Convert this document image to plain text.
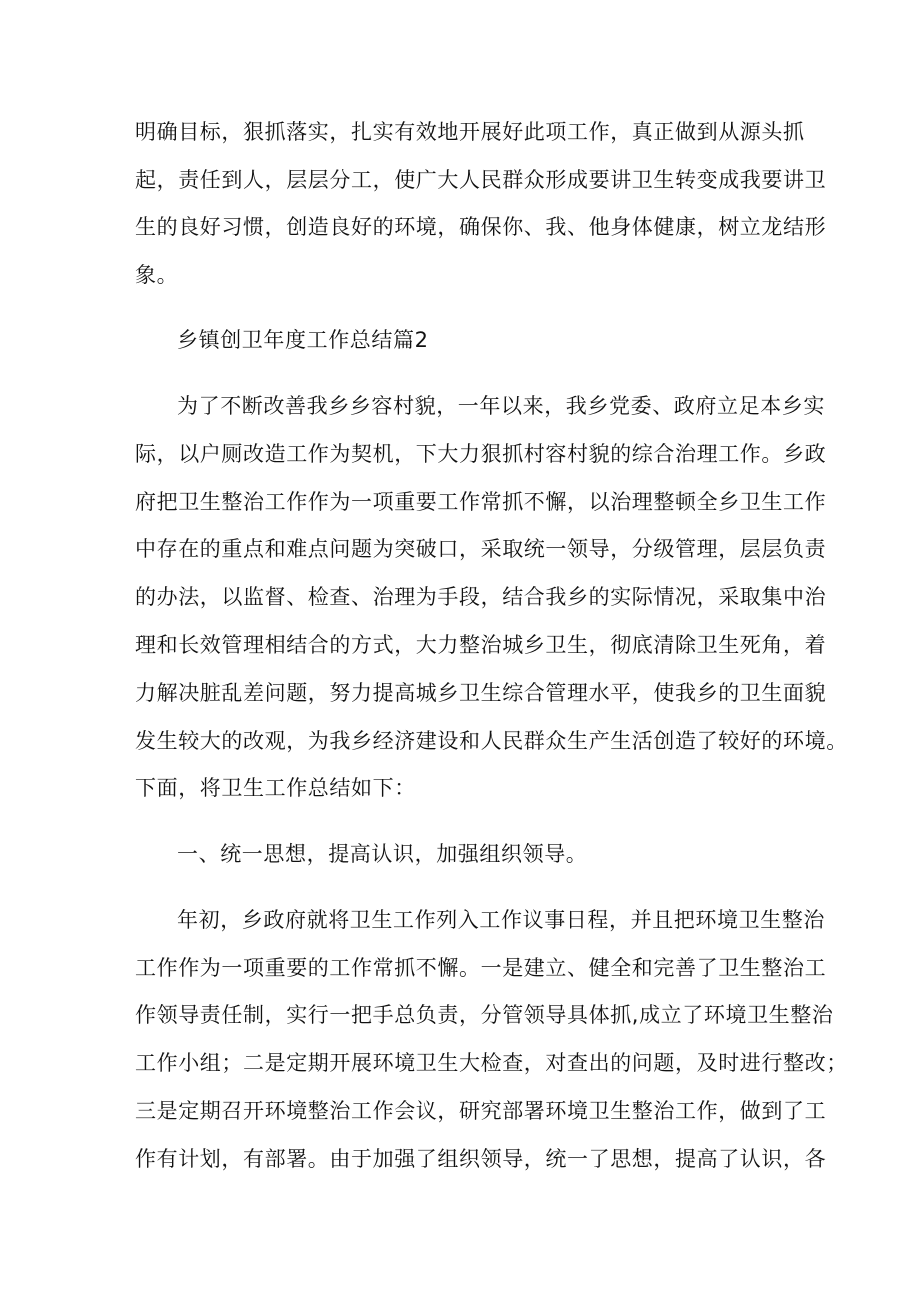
明确目标，狠抓落实，扎实有效地开展好此项工作，真正做到从源头抓
起，责任到人，层层分工，使广大人民群众形成要讲卫生转变成我要讲卫
生的良好习惯，创造良好的环境，确保你、我、他身体健康，树立龙结形
象。
乡镇创卫年度工作总结篇2
为了不断改善我乡乡容村貌，一年以来，我乡党委、政府立足本乡实
际，以户厕改造工作为契机，下大力狠抓村容村貌的综合治理工作。乡政
府把卫生整治工作作为一项重要工作常抓不懈，以治理整顿全乡卫生工作
中存在的重点和难点问题为突破口，采取统一领导，分级管理，层层负责
的办法，以监督、检查、治理为手段，结合我乡的实际情况，采取集中治
理和长效管理相结合的方式，大力整治城乡卫生，彻底清除卫生死角，着
力解决脏乱差问题，努力提高城乡卫生综合管理水平，使我乡的卫生面貌
发生较大的改观，为我乡经济建设和人民群众生产生活创造了较好的环境。
下面，将卫生工作总结如下：
一、统一思想，提高认识，加强组织领导。
年初，乡政府就将卫生工作列入工作议事日程，并且把环境卫生整治
工作作为一项重要的工作常抓不懈。一是建立、健全和完善了卫生整治工
作领导责任制，实行一把手总负责，分管领导具体抓,成立了环境卫生整治
工作小组；二是定期开展环境卫生大检查，对查出的问题，及时进行整改；
三是定期召开环境整治工作会议，研究部署环境卫生整治工作，做到了工
作有计划，有部署。由于加强了组织领导，统一了思想，提高了认识，各
